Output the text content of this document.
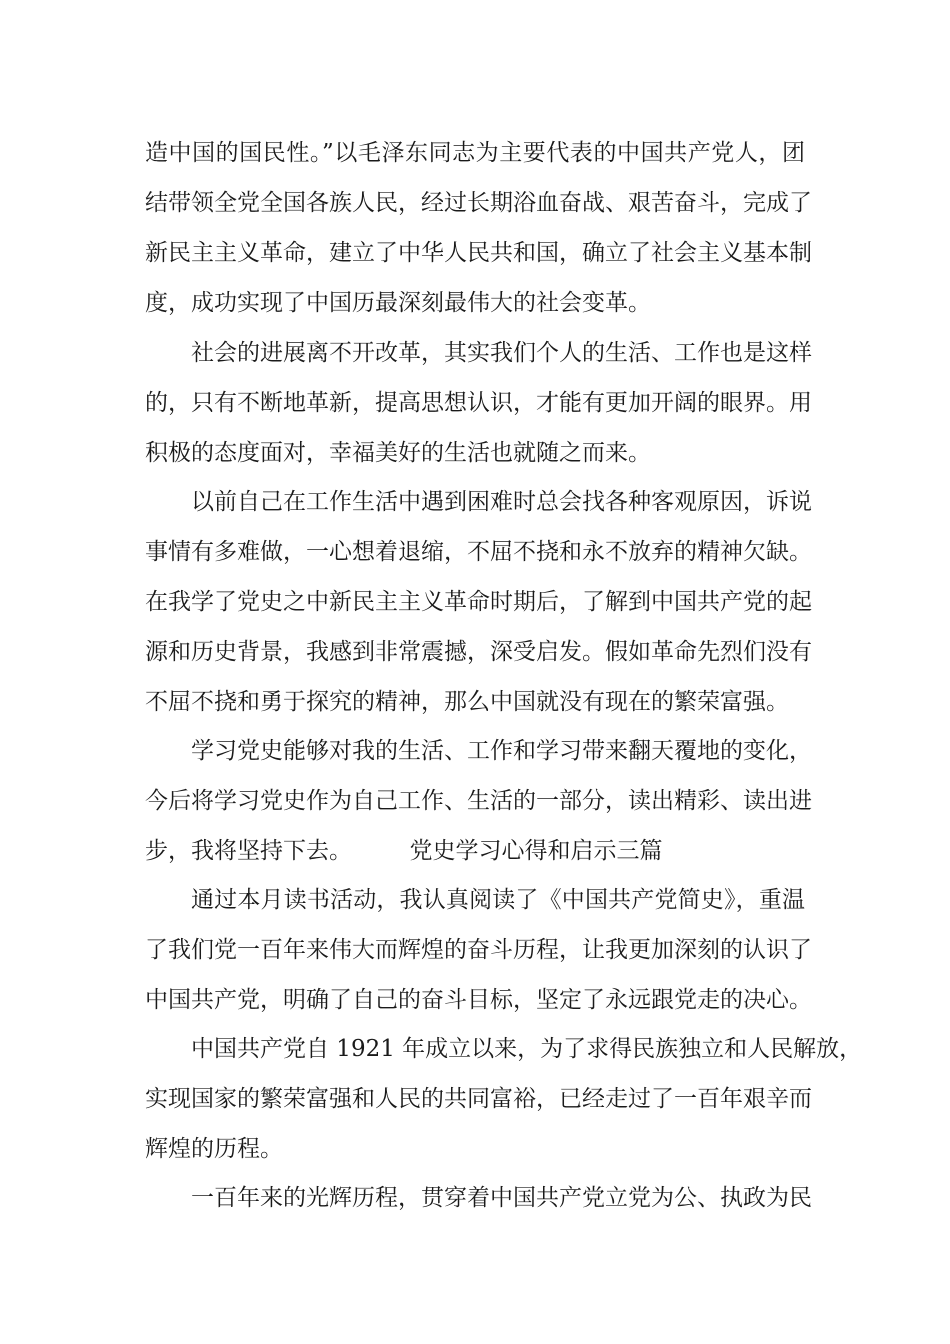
造中国的国民性。”以毛泽东同志为主要代表的中国共产党人，团
结带领全党全国各族人民，经过长期浴血奋战、艰苦奋斗，完成了
新民主主义革命，建立了中华人民共和国，确立了社会主义基本制
度，成功实现了中国历最深刻最伟大的社会变革。
社会的进展离不开改革，其实我们个人的生活、工作也是这样
的，只有不断地革新，提高思想认识，才能有更加开阔的眼界。用
积极的态度面对，幸福美好的生活也就随之而来。
以前自己在工作生活中遇到困难时总会找各种客观原因，诉说
事情有多难做，一心想着退缩，不屈不挠和永不放弃的精神欠缺。
在我学了党史之中新民主主义革命时期后，了解到中国共产党的起
源和历史背景，我感到非常震撼，深受启发。假如革命先烈们没有
不屈不挠和勇于探究的精神，那么中国就没有现在的繁荣富强。
学习党史能够对我的生活、工作和学习带来翻天覆地的变化，
今后将学习党史作为自己工作、生活的一部分，读出精彩、读出进
步，我将坚持下去。　　　党史学习心得和启示三篇
通过本月读书活动，我认真阅读了《中国共产党简史》，重温
了我们党一百年来伟大而辉煌的奋斗历程，让我更加深刻的认识了
中国共产党，明确了自己的奋斗目标，坚定了永远跟党走的决心。
中国共产党自 1921 年成立以来，为了求得民族独立和人民解放，
实现国家的繁荣富强和人民的共同富裕，已经走过了一百年艰辛而
辉煌的历程。
一百年来的光辉历程，贯穿着中国共产党立党为公、执政为民
